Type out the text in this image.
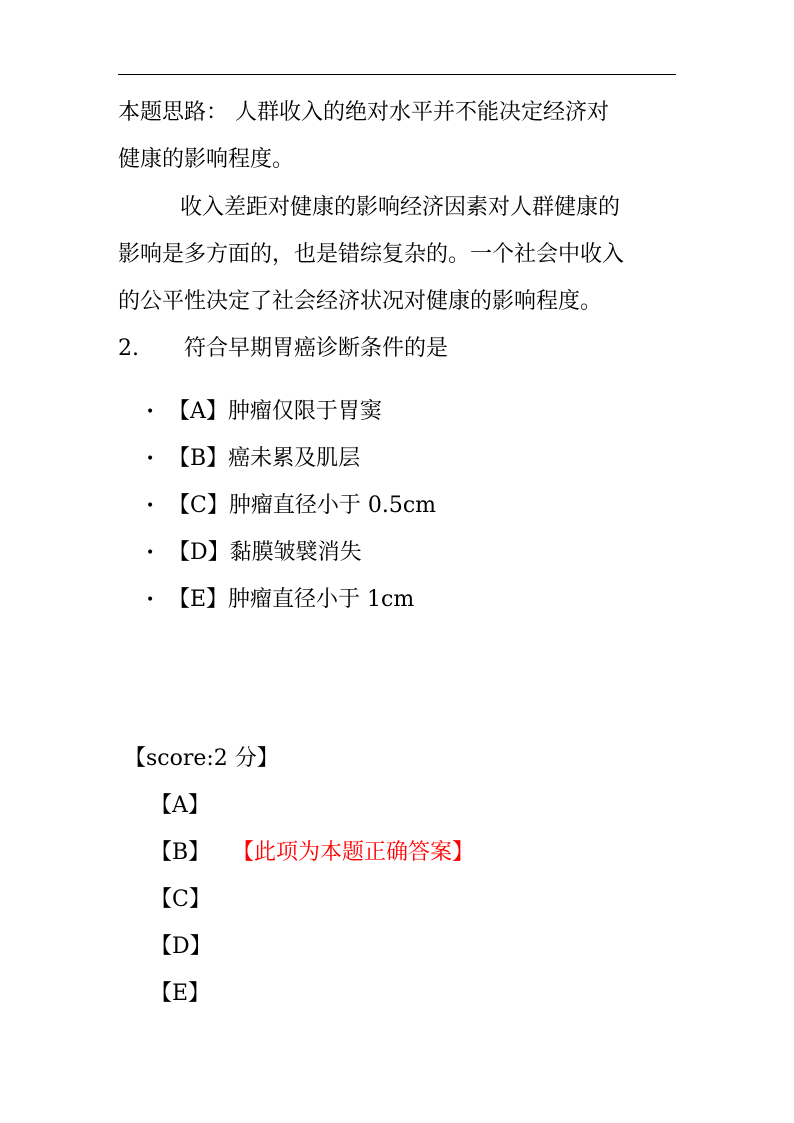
本题思路： 人群收入的绝对水平并不能决定经济对
健康的影响程度。
收入差距对健康的影响经济因素对人群健康的
影响是多方面的，也是错综复杂的。一个社会中收入
的公平性决定了社会经济状况对健康的影响程度。
2. 符合早期胃癌诊断条件的是
• 【A】肿瘤仅限于胃窦
• 【B】癌未累及肌层
• 【C】肿瘤直径小于 0.5cm
• 【D】黏膜皱襞消失
• 【E】肿瘤直径小于 1cm
【score:2 分】
【A】
【B】 【此项为本题正确答案】
【C】
【D】
【E】
